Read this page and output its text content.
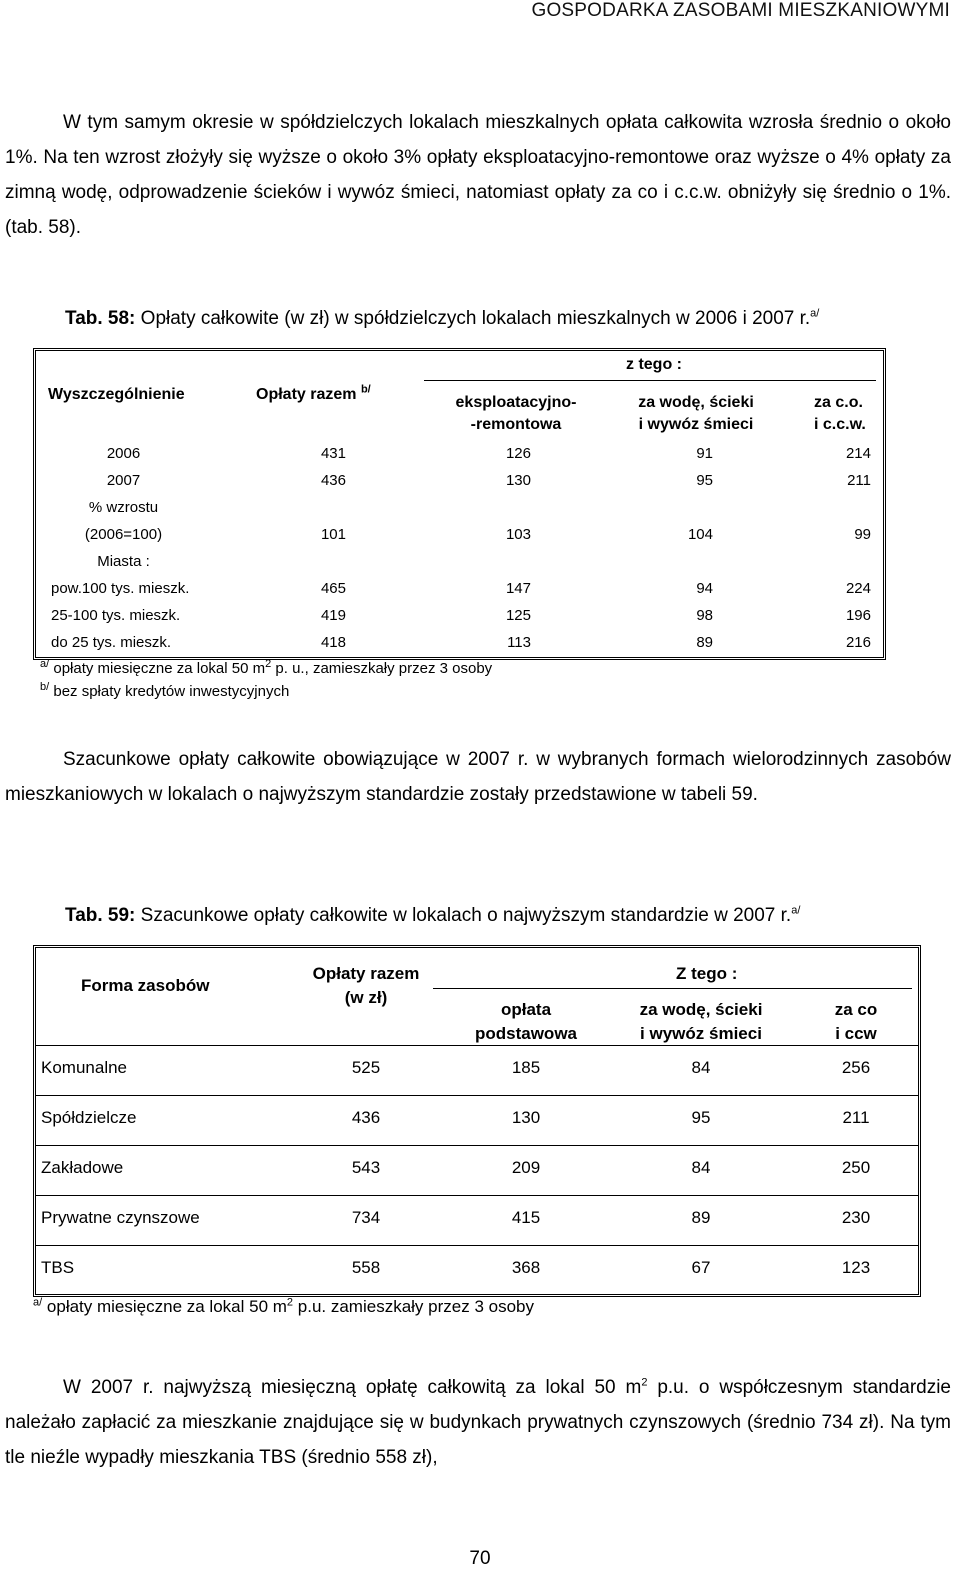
GOSPODARKA ZASOBAMI MIESZKANIOWYMI
W tym samym okresie w spółdzielczych lokalach mieszkalnych opłata całkowita wzrosła średnio o około 1%. Na ten wzrost złożyły się wyższe o około 3% opłaty eksploatacyjno-remontowe oraz wyższe o 4% opłaty za zimną wodę, odprowadzenie ścieków i wywóz śmieci, natomiast opłaty za co i c.c.w. obniżyły się średnio o 1%. (tab. 58).
Tab. 58: Opłaty całkowite (w zł) w spółdzielczych lokalach mieszkalnych w 2006 i 2007 r.$^{a/}$
Wyszczególnienie	Opłaty razem $^{b/}$
z tego :
eksploatacyjno-
-remontowa
za wodę, ścieki
i wywóz śmieci
za c.o.
i c.c.w.
2006	431	126	91	214
2007	436	130	95	211
% wzrostu
(2006=100)	101	103	104	99
Miasta :
pow.100 tys. mieszk.	465	147	94	224
25-100 tys. mieszk.	419	125	98	196
do 25 tys. mieszk.	418	113	89	216
$^{a/}$ opłaty miesięczne za lokal 50 $m^2$ p. u., zamieszkały przez 3 osoby
$^{b/}$ bez spłaty kredytów inwestycyjnych
Szacunkowe opłaty całkowite obowiązujące w 2007 r. w wybranych formach wielorodzinnych zasobów mieszkaniowych w lokalach o najwyższym standardzie zostały przedstawione w tabeli 59.
Tab. 59: Szacunkowe opłaty całkowite w lokalach o najwyższym standardzie w 2007 r.$^{a/}$
Forma zasobów
Opłaty razem
(w zł)
Z tego :
opłata
podstawowa
za wodę, ścieki
i wywóz śmieci
za co
i ccw
Komunalne	525	185	84	256
Spółdzielcze	436	130	95	211
Zakładowe	543	209	84	250
Prywatne czynszowe	734	415	89	230
TBS	558	368	67	123
$^{a/}$ opłaty miesięczne za lokal 50 $m^2$ p.u. zamieszkały przez 3 osoby
W 2007 r. najwyższą miesięczną opłatę całkowitą za lokal 50 $m^2$ p.u. o współczesnym standardzie należało zapłacić za mieszkanie znajdujące się w budynkach prywatnych czynszowych (średnio 734 zł). Na tym tle nieźle wypadły mieszkania TBS (średnio 558 zł),
70
